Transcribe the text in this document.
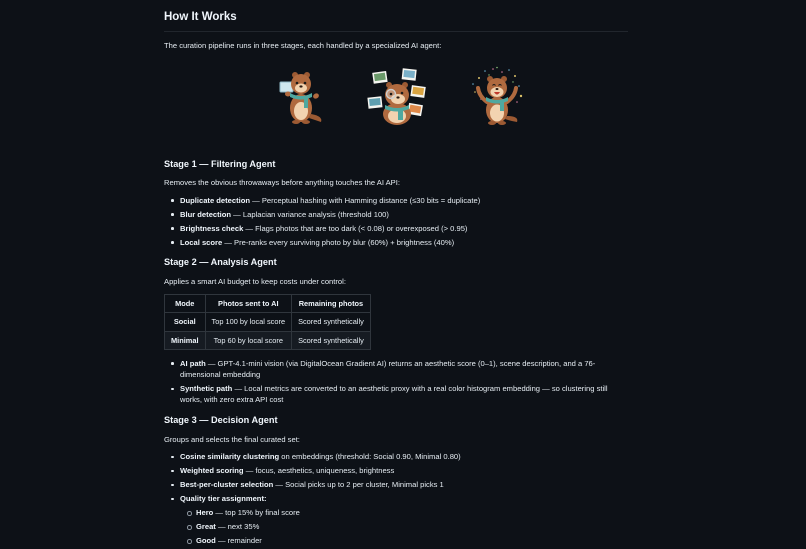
How It Works

The curation pipeline runs in three stages, each handled by a specialized AI agent:

Stage 1 — Filtering Agent

Removes the obvious throwaways before anything touches the AI API:

Duplicate detection — Perceptual hashing with Hamming distance (≤30 bits = duplicate)
Blur detection — Laplacian variance analysis (threshold 100)
Brightness check — Flags photos that are too dark (< 0.08) or overexposed (> 0.95)
Local score — Pre-ranks every surviving photo by blur (60%) + brightness (40%)
Stage 2 — Analysis Agent

Applies a smart AI budget to keep costs under control:

Mode	Photos sent to AI	Remaining photos
Social	Top 100 by local score	Scored synthetically
Minimal	Top 60 by local score	Scored synthetically
AI path — GPT-4.1-mini vision (via DigitalOcean Gradient AI) returns an aesthetic score (0–1), scene description, and a 76-dimensional embedding
Synthetic path — Local metrics are converted to an aesthetic proxy with a real color histogram embedding — so clustering still works, with zero extra API cost
Stage 3 — Decision Agent

Groups and selects the final curated set:

Cosine similarity clustering on embeddings (threshold: Social 0.90, Minimal 0.80)
Weighted scoring — focus, aesthetics, uniqueness, brightness
Best-per-cluster selection — Social picks up to 2 per cluster, Minimal picks 1
Quality tier assignment:
Hero — top 15% by final score
Great — next 35%
Good — remainder
